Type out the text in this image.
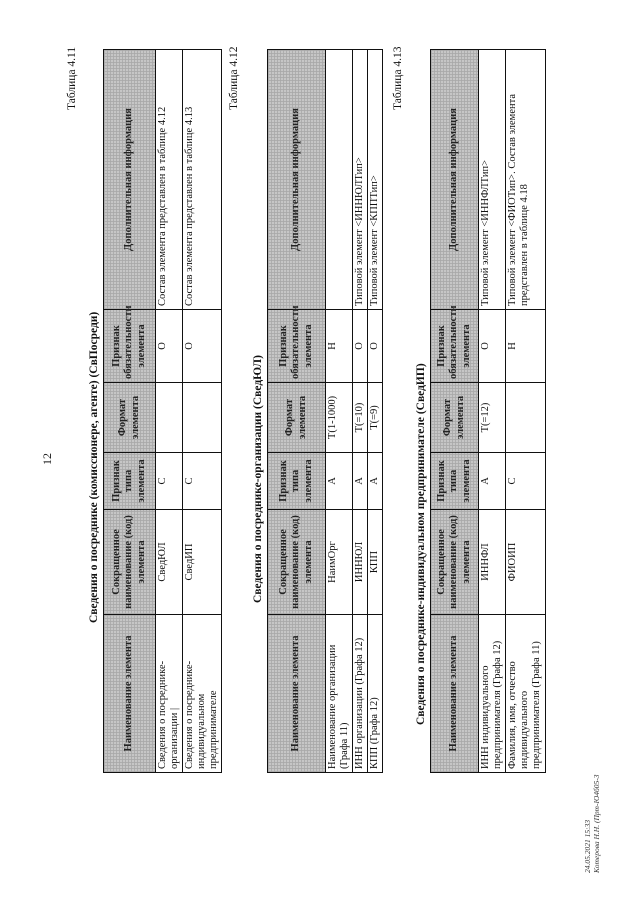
12
Таблица 4.11
Сведения о посреднике (комиссионере, агенте) (СвПосреди)
Наименование элемента	Сокращенное наименование (код) элемента	Признак типа элемента	Формат элемента	Признак обязательности элемента	Дополнительная информация
Сведения о посреднике-организации |	СведЮЛ	С		О	Состав элемента представлен в таблице 4.12
Сведения о посреднике-индивидуальном предпринимателе	СведИП	С		О	Состав элемента представлен в таблице 4.13
Таблица 4.12
Сведения о посреднике-организации (СведЮЛ)
Наименование элемента	Сокращенное наименование (код) элемента	Признак типа элемента	Формат элемента	Признак обязательности элемента	Дополнительная информация
Наименование организации (Графа 11)	НаимОрг	А	T(1-1000)	Н	
ИНН организации (Графа 12)	ИННЮЛ	А	T(=10)	О	Типовой элемент <ИННЮЛТип>
КПП (Графа 12)	КПП	А	T(=9)	О	Типовой элемент <КППТип>
Таблица 4.13
Сведения о посреднике-индивидуальном предпринимателе (СведИП) Наименование элемента	Сокращенное наименование (код) элемента	Признак типа элемента	Формат элемента	Признак обязательности элемента	Дополнительная информация
ИНН индивидуального предпринимателя (Графа 12)	ИННФЛ	А	T(=12)	О	Типовой элемент <ИННФЛТип>
Фамилия, имя, отчество индивидуального предпринимателя (Графа 11)	ФИОИП	С		Н	Типовой элемент <ФИОТип>. Состав элемента представлен в таблице 4.18
24.05.2021 15:33 Котерова Н.Н. (Прт-Ю4б05-3
